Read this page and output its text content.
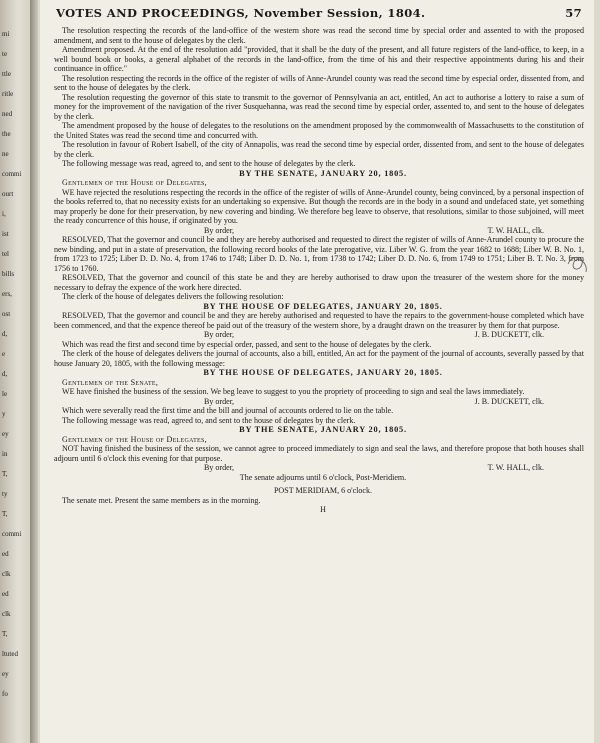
mi
te
ttle
ritle
ned
the
ne
commi
ourt
i,
ist
tel
bills
ers,
ost
d,
e
d,
le
y
ey
in
T,
ty
T,
commi
ed
clk
ed
clk
T,
ltuted
ey
fo
VOTES AND PROCEEDINGS, November Session, 1804.	57

The resolution respecting the records of the land-office of the western shore was read the second time by special order and assented to with the proposed amendment, and sent to the house of delegates by the clerk.

Amendment proposed. At the end of the resolution add "provided, that it shall be the duty of the present, and all future registers of the land-office, to keep, in a well bound book or books, a general alphabet of the records in the land-office, from the time of his and their respective appointments during his and their continuance in office."

The resolution respecting the records in the office of the register of wills of Anne-Arundel county was read the second time by especial order, dissented from, and sent to the house of delegates by the clerk.

The resolution requesting the governor of this state to transmit to the governor of Pennsylvania an act, entitled, An act to authorise a lottery to raise a sum of money for the improvement of the navigation of the river Susquehanna, was read the second time by especial order, assented to, and sent to the house of delegates by the clerk.

The amendment proposed by the house of delegates to the resolutions on the amendment proposed by the commonwealth of Massachusetts to the constitution of the United States was read the second time and concurred with.

The resolution in favour of Robert Isabell, of the city of Annapolis, was read the second time by especial order, dissented from, and sent to the house of delegates by the clerk.

The following message was read, agreed to, and sent to the house of delegates by the clerk.

BY THE SENATE, JANUARY 20, 1805.

Gentlemen of the House of Delegates,

WE have rejected the resolutions respecting the records in the office of the register of wills of Anne-Arundel county, being convinced, by a personal inspection of the books referred to, that no necessity exists for an undertaking so expensive. But though the records are in the body in a sound and undefaced state, yet something may properly be done for their preservation, by new covering and binding. We therefore beg leave to observe, that resolutions, similar to those subjoined, will meet the ready concurrence of this house, if originated by you.

By order,	T. W. HALL, clk.

RESOLVED, That the governor and council be and they are hereby authorised and requested to direct the register of wills of Anne-Arundel county to procure the new binding, and put in a state of preservation, the following record books of the late prerogative, viz. Liber W. G. from the year 1682 to 1688; Liber W. B. No. 1, from 1723 to 1725; Liber D. D. No. 4, from 1746 to 1748; Liber D. D. No. 1, from 1738 to 1742; Liber D. D. No. 6, from 1749 to 1751; Liber B. T. No. 3, from 1756 to 1760.

RESOLVED, That the governor and council of this state be and they are hereby authorised to draw upon the treasurer of the western shore for the money necessary to defray the expence of the work here directed.

The clerk of the house of delegates delivers the following resolution:

BY THE HOUSE OF DELEGATES, JANUARY 20, 1805.

RESOLVED, That the governor and council be and they are hereby authorised and requested to have the repairs to the government-house completed which have been commenced, and that the expence thereof be paid out of the treasury of the western shore, by a draught drawn on the treasurer by them for that purpose.

By order,	J. B. DUCKETT, clk.

Which was read the first and second time by especial order, passed, and sent to the house of delegates by the clerk.

The clerk of the house of delegates delivers the journal of accounts, also a bill, entitled, An act for the payment of the journal of accounts, severally passed by that house January 20, 1805, with the following message:

BY THE HOUSE OF DELEGATES, JANUARY 20, 1805.

Gentlemen of the Senate,

WE have finished the business of the session. We beg leave to suggest to you the propriety of proceeding to sign and seal the laws immediately.

By order,	J. B. DUCKETT, clk.

Which were severally read the first time and the bill and journal of accounts ordered to lie on the table.

The following message was read, agreed to, and sent to the house of delegates by the clerk.

BY THE SENATE, JANUARY 20, 1805.

Gentlemen of the House of Delegates,

NOT having finished the business of the session, we cannot agree to proceed immediately to sign and seal the laws, and therefore propose that both houses shall adjourn until 6 o'clock this evening for that purpose.

By order,	T. W. HALL, clk.

The senate adjourns until 6 o'clock, Post-Meridiem.

POST MERIDIAM, 6 o'clock.

The senate met. Present the same members as in the morning.

H
